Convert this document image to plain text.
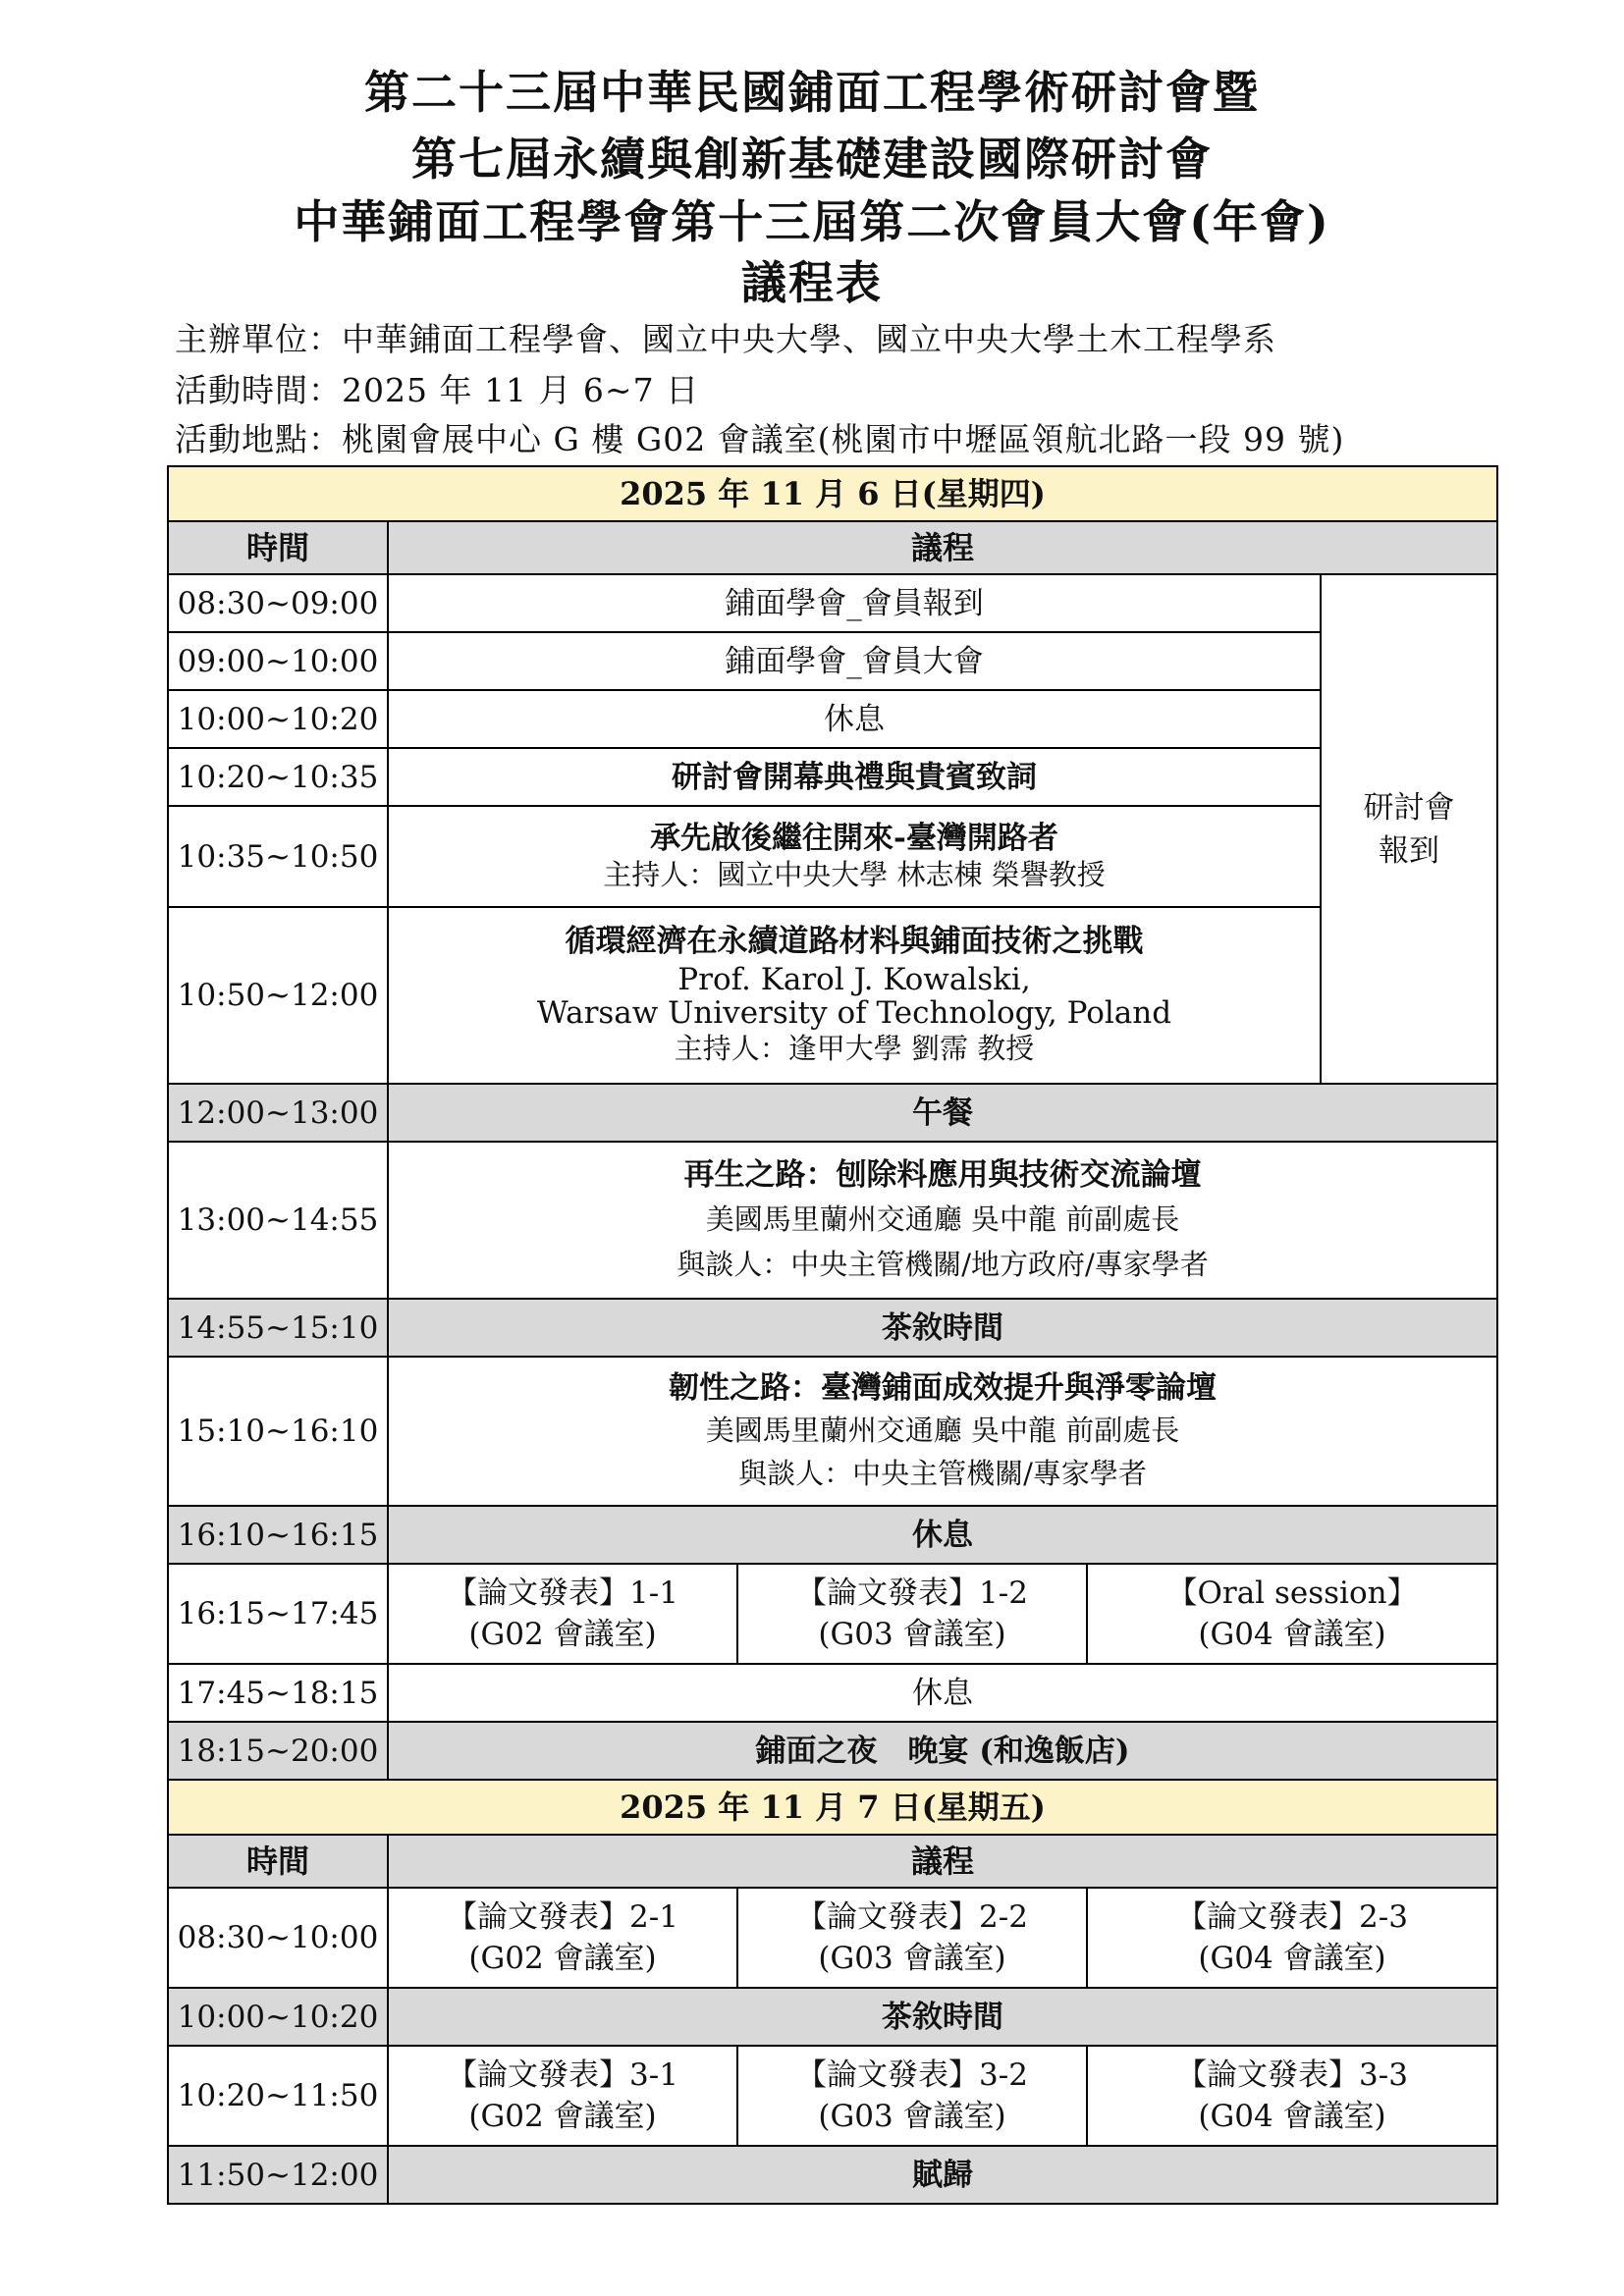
第二十三屆中華民國鋪面工程學術研討會暨
第七屆永續與創新基礎建設國際研討會
中華鋪面工程學會第十三屆第二次會員大會(年會)
議程表
主辦單位：中華鋪面工程學會、國立中央大學、國立中央大學土木工程學系
活動時間：2025 年 11 月 6~7 日
活動地點：桃園會展中心 G 樓 G02 會議室(桃園市中壢區領航北路一段 99 號)
2025 年 11 月 6 日(星期四)				
時間	議程			
08:30~09:00	鋪面學會_會員報到			研討會
報到

09:00~10:00	鋪面學會_會員大會			
10:00~10:20	休息			
10:20~10:35	研討會開幕典禮與貴賓致詞			
10:35~10:50	承先啟後繼往開來-臺灣開路者
主持人：國立中央大學 林志棟 榮譽教授			

10:50~12:00	循環經濟在永續道路材料與鋪面技術之挑戰
Prof. Karol J. Kowalski,
Warsaw University of Technology, Poland
主持人：逢甲大學 劉霈 教授			

12:00~13:00	午餐			
13:00~14:55	再生之路：刨除料應用與技術交流論壇
美國馬里蘭州交通廳 吳中龍 前副處長
與談人：中央主管機關/地方政府/專家學者			

14:55~15:10	茶敘時間			
15:10~16:10	韌性之路：臺灣鋪面成效提升與淨零論壇
美國馬里蘭州交通廳 吳中龍 前副處長
與談人：中央主管機關/專家學者			

16:10~16:15	休息			
16:15~17:45	【論文發表】1-1
(G02 會議室)	【論文發表】1-2
(G03 會議室)	【Oral session】
(G04 會議室)	

17:45~18:15	休息			
18:15~20:00	鋪面之夜　晚宴 (和逸飯店)			
2025 年 11 月 7 日(星期五)				
時間	議程			
08:30~10:00	【論文發表】2-1
(G02 會議室)	【論文發表】2-2
(G03 會議室)	【論文發表】2-3
(G04 會議室)	

10:00~10:20	茶敘時間			
10:20~11:50	【論文發表】3-1
(G02 會議室)	【論文發表】3-2
(G03 會議室)	【論文發表】3-3
(G04 會議室)	

11:50~12:00	賦歸			
